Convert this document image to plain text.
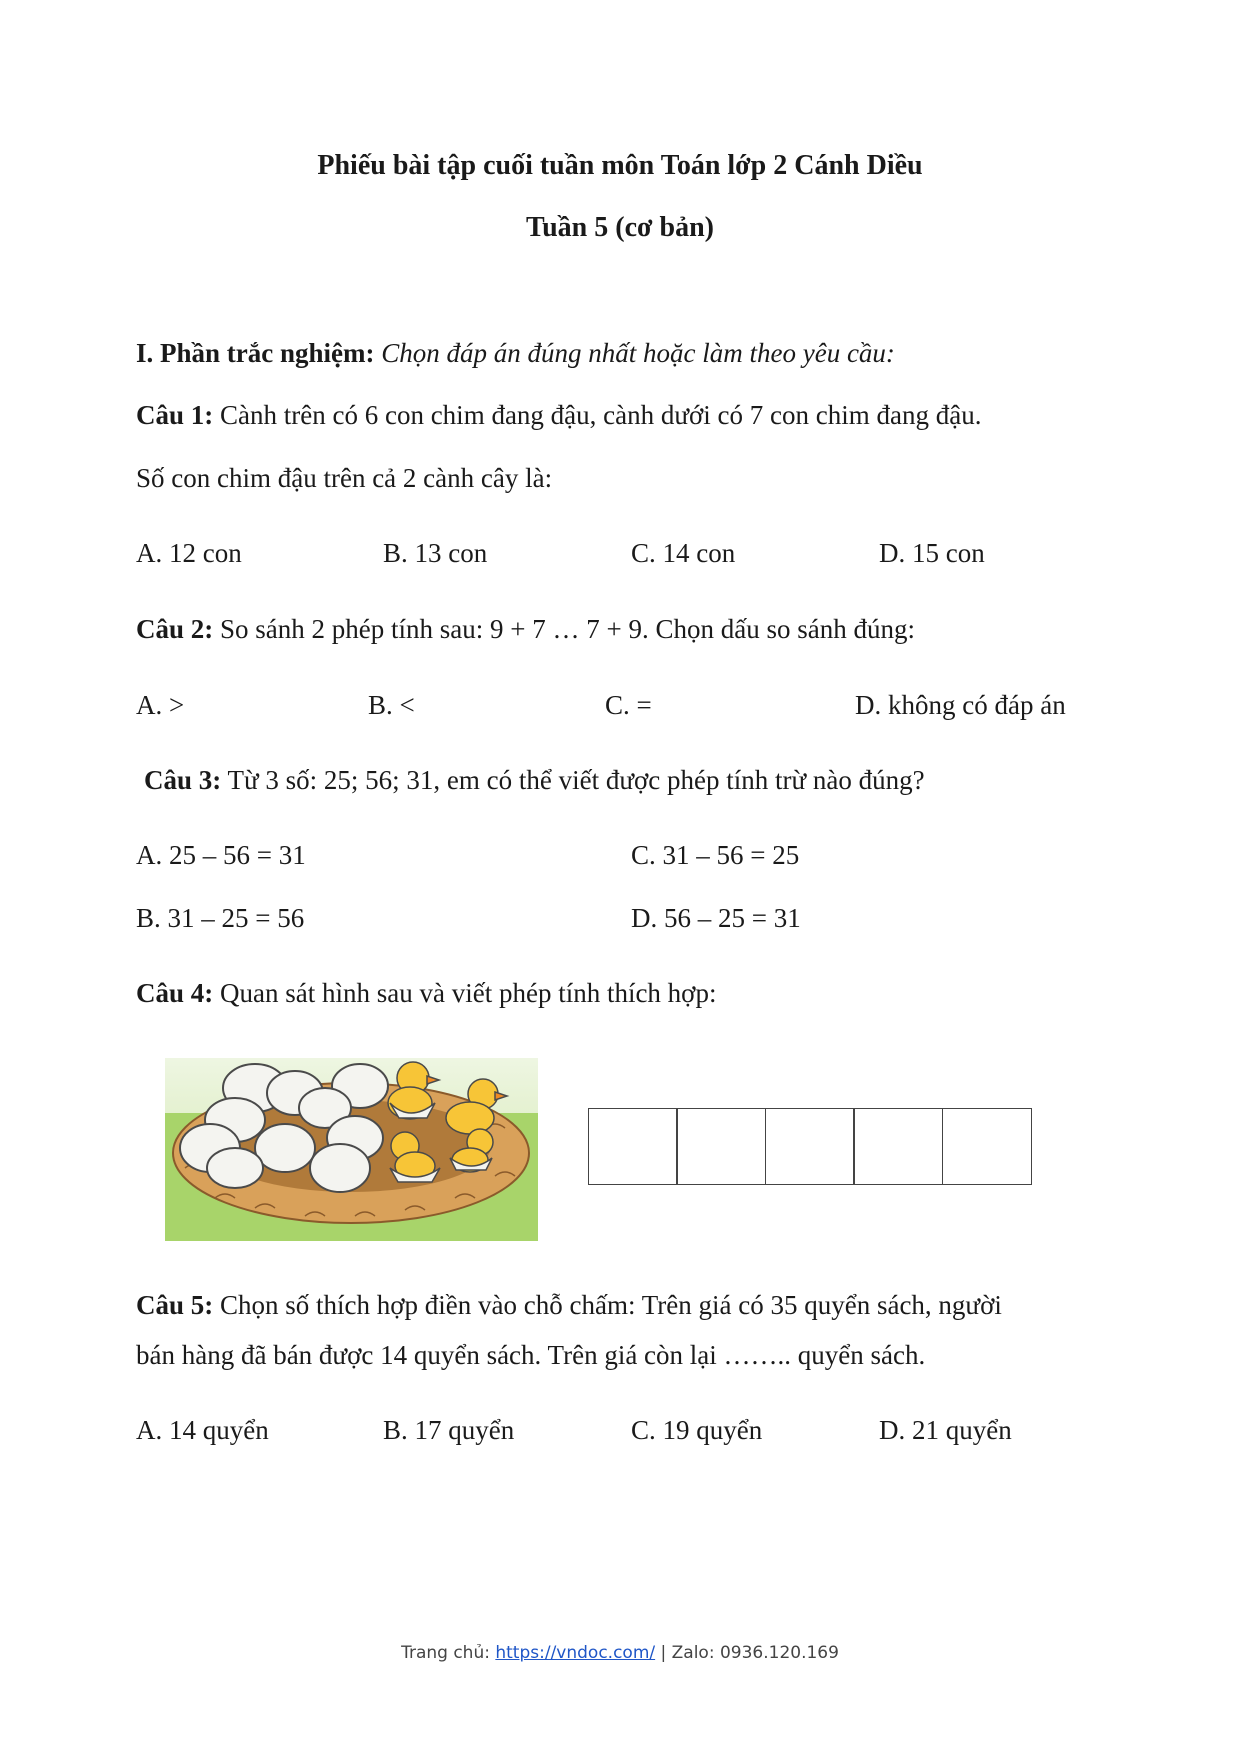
Phiếu bài tập cuối tuần môn Toán lớp 2 Cánh Diều
Tuần 5 (cơ bản)
I. Phần trắc nghiệm: Chọn đáp án đúng nhất hoặc làm theo yêu cầu:
Câu 1: Cành trên có 6 con chim đang đậu, cành dưới có 7 con chim đang đậu.
Số con chim đậu trên cả 2 cành cây là:
A. 12 con	B. 13 con	C. 14 con	D. 15 con
Câu 2: So sánh 2 phép tính sau: 9 + 7 … 7 + 9. Chọn dấu so sánh đúng:
A. >	B. <	C. =	D. không có đáp án
Câu 3: Từ 3 số: 25; 56; 31, em có thể viết được phép tính trừ nào đúng?
A. 25 – 56 = 31	C. 31 – 56 = 25
B. 31 – 25 = 56	D. 56 – 25 = 31
Câu 4: Quan sát hình sau và viết phép tính thích hợp:
Câu 5: Chọn số thích hợp điền vào chỗ chấm: Trên giá có 35 quyển sách, người
bán hàng đã bán được 14 quyển sách. Trên giá còn lại …….. quyển sách.
A. 14 quyển	B. 17 quyển	C. 19 quyển	D. 21 quyển
Trang chủ: https://vndoc.com/ | Zalo: 0936.120.169
